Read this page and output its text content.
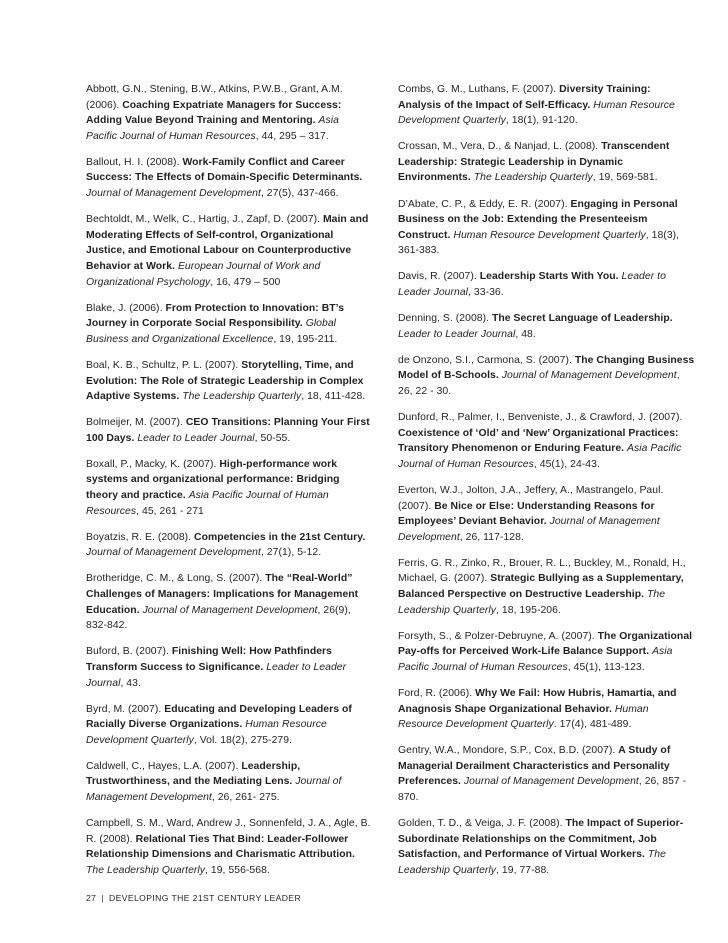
Abbott, G.N., Stening, B.W., Atkins, P.W.B., Grant, A.M. (2006). Coaching Expatriate Managers for Success: Adding Value Beyond Training and Mentoring. Asia Pacific Journal of Human Resources, 44, 295 – 317.

Ballout, H. I. (2008). Work-Family Conflict and Career Success: The Effects of Domain-Specific Determinants. Journal of Management Development, 27(5), 437-466.

Bechtoldt, M., Welk, C., Hartig, J., Zapf, D. (2007). Main and Moderating Effects of Self-control, Organizational Justice, and Emotional Labour on Counterproductive Behavior at Work. European Journal of Work and Organizational Psychology, 16, 479 – 500

Blake, J. (2006). From Protection to Innovation: BT’s Journey in Corporate Social Responsibility. Global Business and Organizational Excellence, 19, 195-211.

Boal, K. B., Schultz, P. L. (2007). Storytelling, Time, and Evolution: The Role of Strategic Leadership in Complex Adaptive Systems. The Leadership Quarterly, 18, 411-428.

Bolmeijer, M. (2007). CEO Transitions: Planning Your First 100 Days. Leader to Leader Journal, 50-55.

Boxall, P., Macky, K. (2007). High-performance work systems and organizational performance: Bridging theory and practice. Asia Pacific Journal of Human Resources, 45, 261 - 271

Boyatzis, R. E. (2008). Competencies in the 21st Century. Journal of Management Development, 27(1), 5-12.

Brotheridge, C. M., & Long, S. (2007). The “Real-World” Challenges of Managers: Implications for Management Education. Journal of Management Development, 26(9), 832-842.

Buford, B. (2007). Finishing Well: How Pathfinders Transform Success to Significance. Leader to Leader Journal, 43.

Byrd, M. (2007). Educating and Developing Leaders of Racially Diverse Organizations. Human Resource Development Quarterly, Vol. 18(2), 275-279.

Caldwell, C., Hayes, L.A. (2007). Leadership, Trustworthiness, and the Mediating Lens. Journal of Management Development, 26, 261- 275.

Campbell, S. M., Ward, Andrew J., Sonnenfeld, J. A., Agle, B. R. (2008). Relational Ties That Bind: Leader-Follower Relationship Dimensions and Charismatic Attribution. The Leadership Quarterly, 19, 556-568.

Combs, G. M., Luthans, F. (2007). Diversity Training: Analysis of the Impact of Self-Efficacy. Human Resource Development Quarterly, 18(1), 91-120.

Crossan, M., Vera, D., & Nanjad, L. (2008). Transcendent Leadership: Strategic Leadership in Dynamic Environments. The Leadership Quarterly, 19, 569-581.

D’Abate, C. P., & Eddy, E. R. (2007). Engaging in Personal Business on the Job: Extending the Presenteeism Construct. Human Resource Development Quarterly, 18(3), 361-383.

Davis, R. (2007). Leadership Starts With You. Leader to Leader Journal, 33-36.

Denning, S. (2008). The Secret Language of Leadership. Leader to Leader Journal, 48.

de Onzono, S.I., Carmona, S. (2007). The Changing Business Model of B-Schools. Journal of Management Development, 26, 22 - 30.

Dunford, R., Palmer, I., Benveniste, J., & Crawford, J. (2007). Coexistence of ‘Old’ and ‘New’ Organizational Practices: Transitory Phenomenon or Enduring Feature. Asia Pacific Journal of Human Resources, 45(1), 24-43.

Everton, W.J., Jolton, J.A., Jeffery, A., Mastrangelo, Paul. (2007). Be Nice or Else: Understanding Reasons for Employees’ Deviant Behavior. Journal of Management Development, 26, 117-128.

Ferris, G. R., Zinko, R., Brouer, R. L., Buckley, M., Ronald, H., Michael, G. (2007). Strategic Bullying as a Supplementary, Balanced Perspective on Destructive Leadership. The Leadership Quarterly, 18, 195-206.

Forsyth, S., & Polzer-Debruyne, A. (2007). The Organizational Pay-offs for Perceived Work-Life Balance Support. Asia Pacific Journal of Human Resources, 45(1), 113-123.

Ford, R. (2006). Why We Fail: How Hubris, Hamartia, and Anagnosis Shape Organizational Behavior. Human Resource Development Quarterly. 17(4), 481-489.

Gentry, W.A., Mondore, S.P., Cox, B.D. (2007). A Study of Managerial Derailment Characteristics and Personality Preferences. Journal of Management Development, 26, 857 - 870.

Golden, T. D., & Veiga, J. F. (2008). The Impact of Superior-Subordinate Relationships on the Commitment, Job Satisfaction, and Performance of Virtual Workers. The Leadership Quarterly, 19, 77-88.

27 | DEVELOPING THE 21ST CENTURY LEADER
